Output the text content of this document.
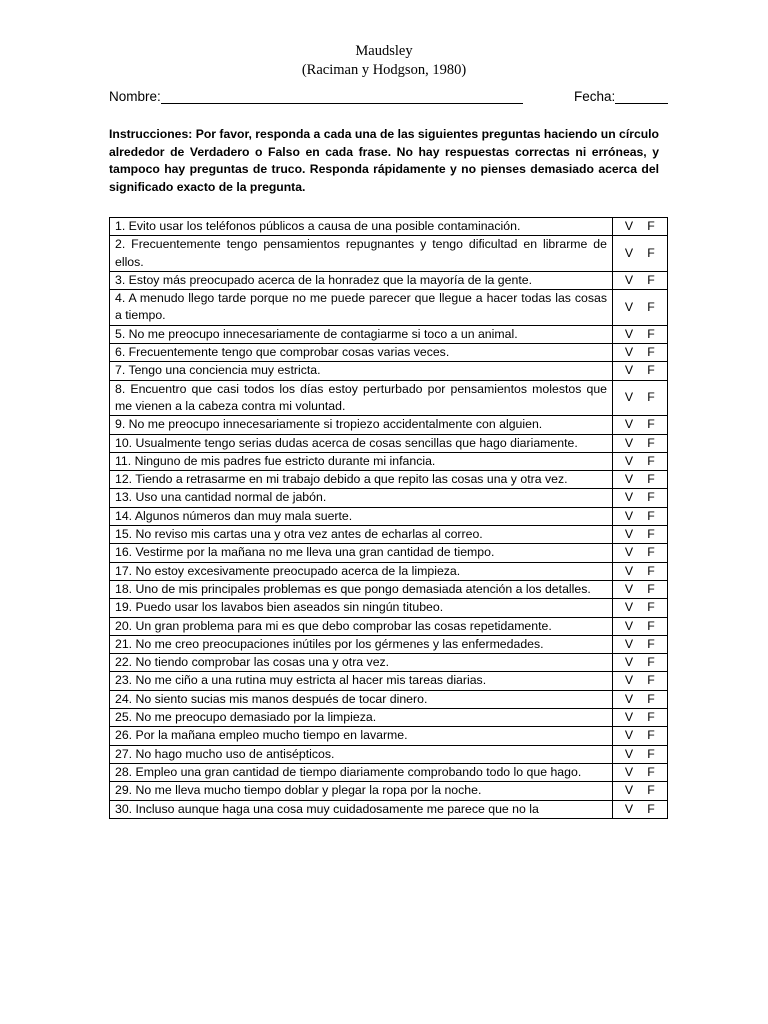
Maudsley
(Raciman y Hodgson, 1980)
Nombre:	Fecha:
Instrucciones: Por favor, responda a cada una de las siguientes preguntas haciendo un círculo alrededor de Verdadero o Falso en cada frase. No hay respuestas correctas ni erróneas, y tampoco hay preguntas de truco. Responda rápidamente y no pienses demasiado acerca del significado exacto de la pregunta.
1. Evito usar los teléfonos públicos a causa de una posible contaminación.	V F
2. Frecuentemente tengo pensamientos repugnantes y tengo dificultad en librarme de ellos.	V F
3. Estoy más preocupado acerca de la honradez que la mayoría de la gente.	V F
4. A menudo llego tarde porque no me puede parecer que llegue a hacer todas las cosas a tiempo.	V F
5. No me preocupo innecesariamente de contagiarme si toco a un animal.	V F
6. Frecuentemente tengo que comprobar cosas varias veces.	V F
7. Tengo una conciencia muy estricta.	V F
8. Encuentro que casi todos los días estoy perturbado por pensamientos molestos que me vienen a la cabeza contra mi voluntad.	V F
9. No me preocupo innecesariamente si tropiezo accidentalmente con alguien.	V F
10. Usualmente tengo serias dudas acerca de cosas sencillas que hago diariamente.	V F
11. Ninguno de mis padres fue estricto durante mi infancia.	V F
12. Tiendo a retrasarme en mi trabajo debido a que repito las cosas una y otra vez.	V F
13. Uso una cantidad normal de jabón.	V F
14. Algunos números dan muy mala suerte.	V F
15. No reviso mis cartas una y otra vez antes de echarlas al correo.	V F
16. Vestirme por la mañana no me lleva una gran cantidad de tiempo.	V F
17. No estoy excesivamente preocupado acerca de la limpieza.	V F
18. Uno de mis principales problemas es que pongo demasiada atención a los detalles.	V F
19. Puedo usar los lavabos bien aseados sin ningún titubeo.	V F
20. Un gran problema para mi es que debo comprobar las cosas repetidamente.	V F
21. No me creo preocupaciones inútiles por los gérmenes y las enfermedades.	V F
22. No tiendo comprobar las cosas una y otra vez.	V F
23. No me ciño a una rutina muy estricta al hacer mis tareas diarias.	V F
24. No siento sucias mis manos después de tocar dinero.	V F
25. No me preocupo demasiado por la limpieza.	V F
26. Por la mañana empleo mucho tiempo en lavarme.	V F
27. No hago mucho uso de antisépticos.	V F
28. Empleo una gran cantidad de tiempo diariamente comprobando todo lo que hago.	V F
29. No me lleva mucho tiempo doblar y plegar la ropa por la noche.	V F
30. Incluso aunque haga una cosa muy cuidadosamente me parece que no la	V F
